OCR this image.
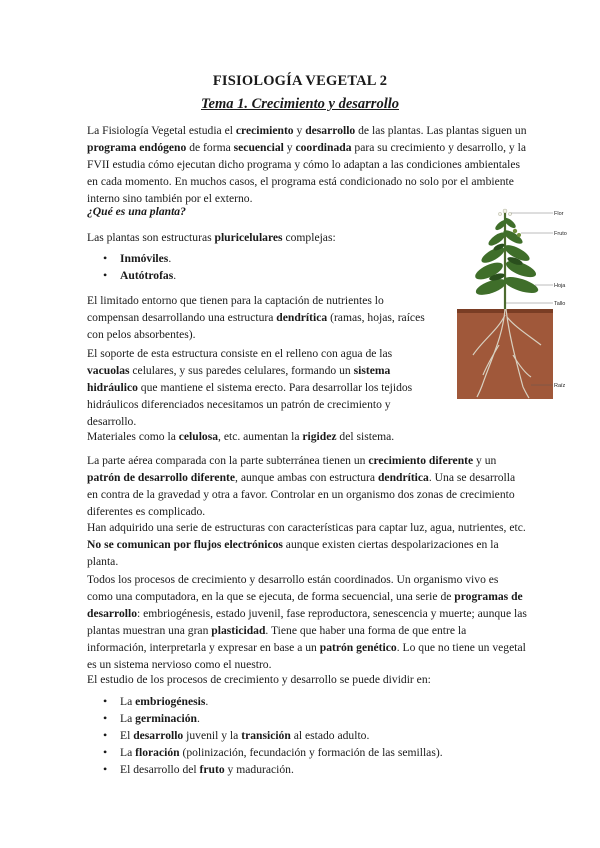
FISIOLOGÍA VEGETAL 2
Tema 1. Crecimiento y desarrollo

La Fisiología Vegetal estudia el crecimiento y desarrollo de las plantas. Las plantas siguen un programa endógeno de forma secuencial y coordinada para su crecimiento y desarrollo, y la FVII estudia cómo ejecutan dicho programa y cómo lo adaptan a las condiciones ambientales en cada momento. En muchos casos, el programa está condicionado no solo por el ambiente interno sino también por el externo.

¿Qué es una planta?

Las plantas son estructuras pluricelulares complejas:

• Inmóviles.
• Autótrofas.

El limitado entorno que tienen para la captación de nutrientes lo compensan desarrollando una estructura dendrítica (ramas, hojas, raíces con pelos absorbentes).

El soporte de esta estructura consiste en el relleno con agua de las vacuolas celulares, y sus paredes celulares, formando un sistema hidráulico que mantiene el sistema erecto. Para desarrollar los tejidos hidráulicos diferenciados necesitamos un patrón de crecimiento y desarrollo.

Materiales como la celulosa, etc. aumentan la rigidez del sistema.

La parte aérea comparada con la parte subterránea tienen un crecimiento diferente y un patrón de desarrollo diferente, aunque ambas con estructura dendrítica. Una se desarrolla en contra de la gravedad y otra a favor. Controlar en un organismo dos zonas de crecimiento diferentes es complicado.

Han adquirido una serie de estructuras con características para captar luz, agua, nutrientes, etc. No se comunican por flujos electrónicos aunque existen ciertas despolarizaciones en la planta.

Todos los procesos de crecimiento y desarrollo están coordinados. Un organismo vivo es como una computadora, en la que se ejecuta, de forma secuencial, una serie de programas de desarrollo: embriogénesis, estado juvenil, fase reproductora, senescencia y muerte; aunque las plantas muestran una gran plasticidad. Tiene que haber una forma de que entre la información, interpretarla y expresar en base a un patrón genético. Lo que no tiene un vegetal es un sistema nervioso como el nuestro.

El estudio de los procesos de crecimiento y desarrollo se puede dividir en:

• La embriogénesis.
• La germinación.
• El desarrollo juvenil y la transición al estado adulto.
• La floración (polinización, fecundación y formación de las semillas).
• El desarrollo del fruto y maduración.
Flor
Fruto
Hoja
Tallo
Raíz
